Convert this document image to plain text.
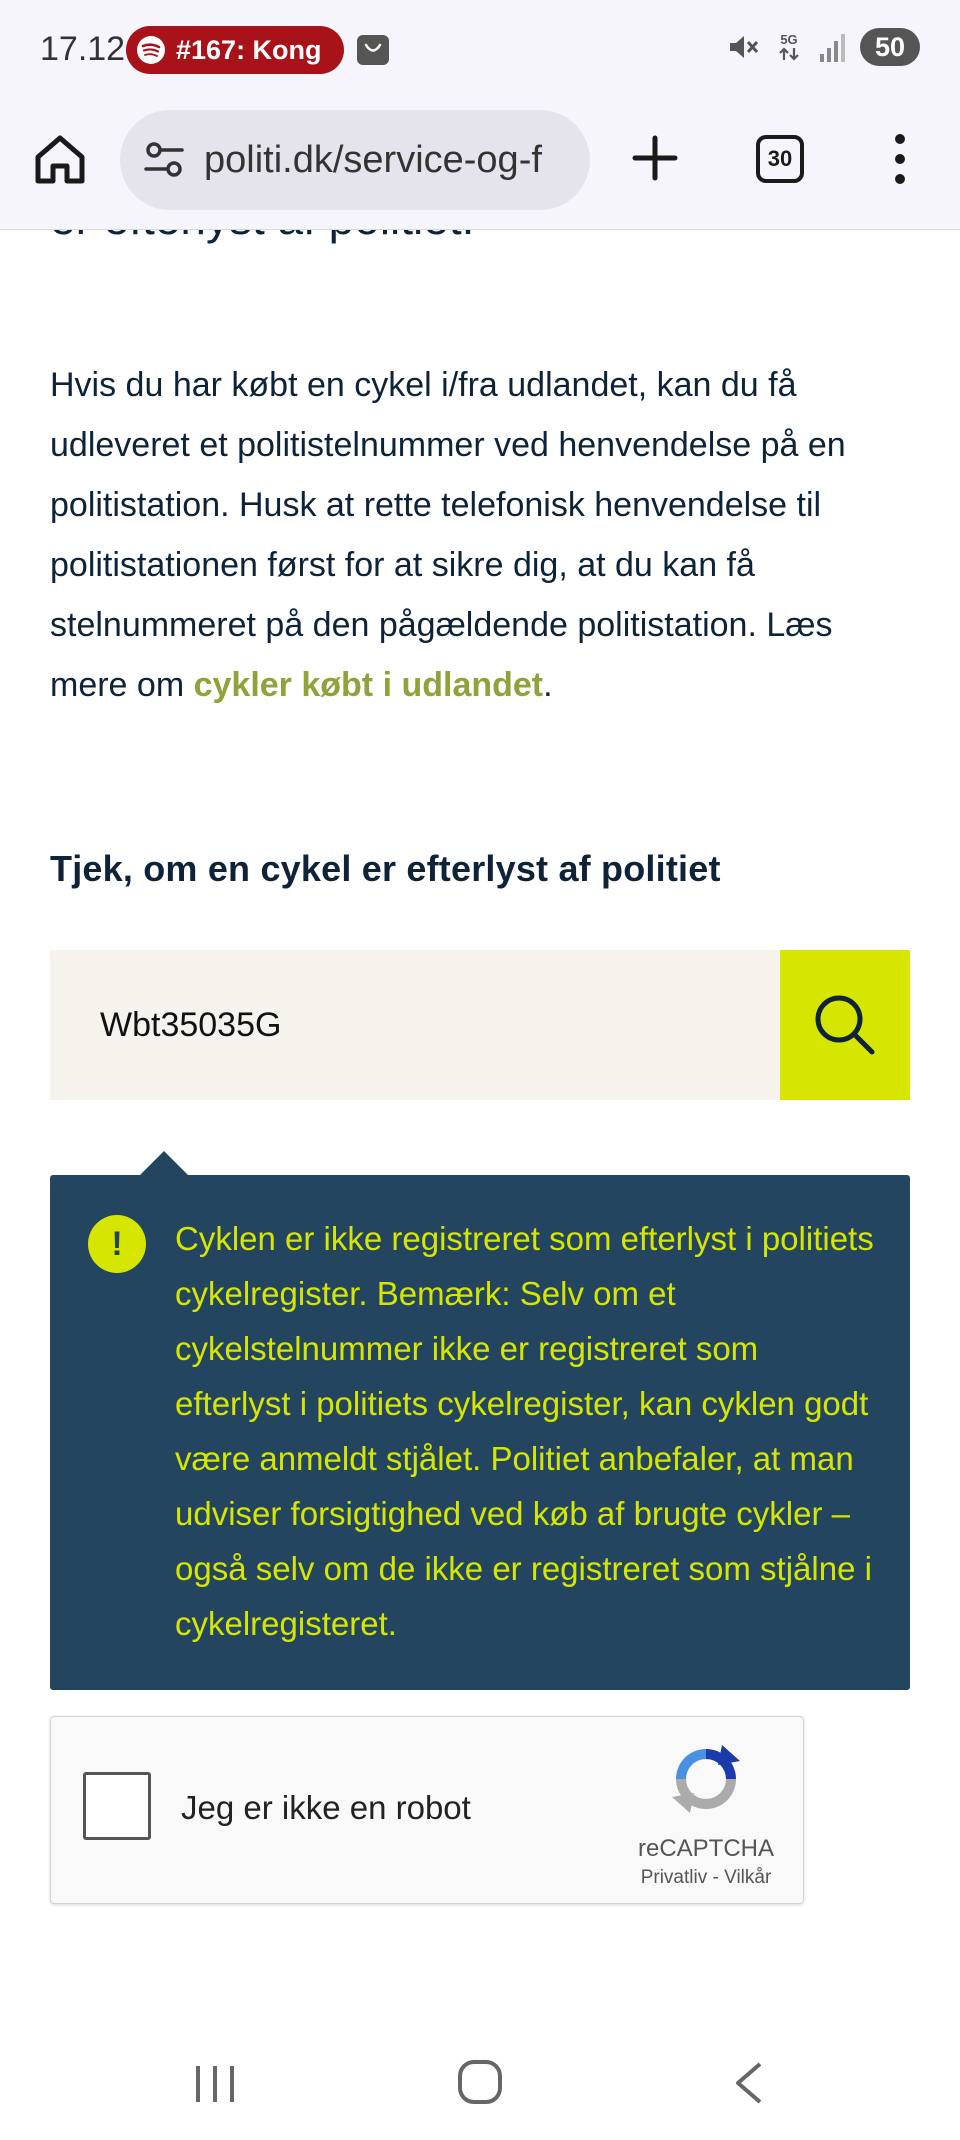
Hvis du har købt en cykel i/fra udlandet, kan du få udleveret et politistelnummer ved henvendelse på en politistation. Husk at rette telefonisk henvendelse til politistationen først for at sikre dig, at du kan få stelnummeret på den pågældende politistation. Læs mere om cykler købt i udlandet.

Tjek, om en cykel er efterlyst af politiet
Wbt35035G
!	Cyklen er ikke registreret som efterlyst i politiets cykelregister. Bemærk: Selv om et cykelstelnummer ikke er registreret som efterlyst i politiets cykelregister, kan cyklen godt være anmeldt stjålet. Politiet anbefaler, at man udviser forsigtighed ved køb af brugte cykler – også selv om de ikke er registreret som stjålne i cykelregisteret.

Jeg er ikke en robot
reCAPTCHA
Privatliv - Vilkår
17.12 #167: Kong	5G	50
politi.dk/service-og-f	30
